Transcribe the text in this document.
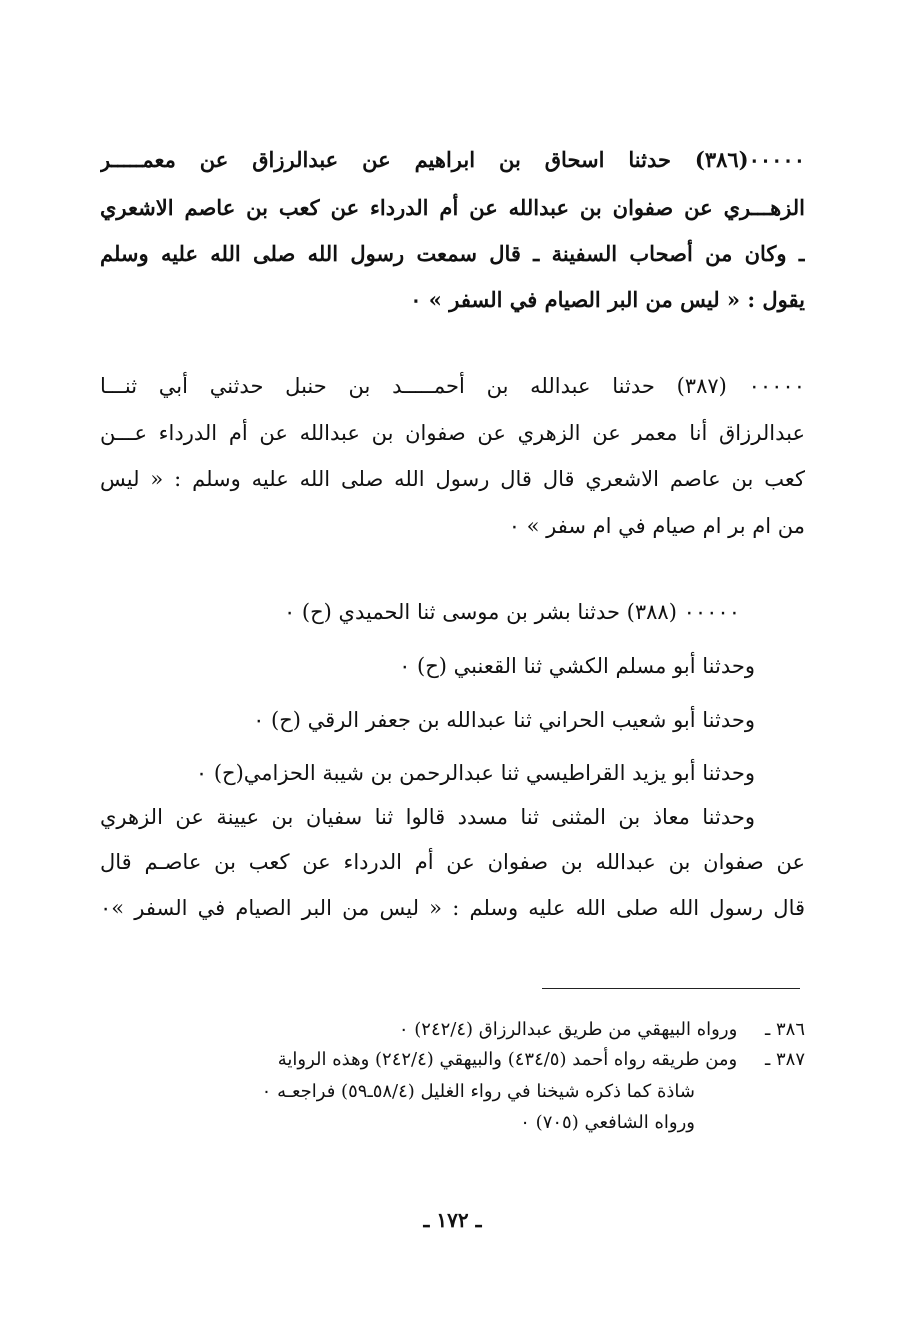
٠٠٠٠٠(٣٨٦) حدثنا اسحاق بن ابراهيم عن عبدالرزاق عن معمـــــر
الزهـــري عن صفوان بن عبدالله عن أم الدرداء عن كعب بن عاصم الاشعري
ـ وكان من أصحاب السفينة ـ قال سمعت رسول الله صلى الله عليه وسلم
يقول : « ليس من البر الصيام في السفر » ٠
٠٠٠٠٠ (٣٨٧) حدثنا عبدالله بن أحمـــــد بن حنبل حدثني أبي ثنـــا
عبدالرزاق أنا معمر عن الزهري عن صفوان بن عبدالله عن أم الدرداء عـــن
كعب بن عاصم الاشعري قال قال رسول الله صلى الله عليه وسلم : « ليس
من ام بر ام صيام في ام سفر » ٠
٠٠٠٠٠ (٣٨٨) حدثنا بشر بن موسى ثنا الحميدي (ح) ٠
وحدثنا أبو مسلم الكشي ثنا القعنبي (ح) ٠
وحدثنا أبو شعيب الحراني ثنا عبدالله بن جعفر الرقي (ح) ٠
وحدثنا أبو يزيد القراطيسي ثنا عبدالرحمن بن شيبة الحزامي(ح) ٠
وحدثنا معاذ بن المثنى ثنا مسدد قالوا ثنا سفيان بن عيينة عن الزهري
عن صفوان بن عبدالله بن صفوان عن أم الدرداء عن كعب بن عاصـم قال
قال رسول الله صلى الله عليه وسلم : « ليس من البر الصيام في السفر »٠
٣٨٦ ـ ورواه البيهقي من طريق عبدالرزاق (٢٤٢/٤) ٠
٣٨٧ ـ ومن طريقه رواه أحمد (٤٣٤/٥) والبيهقي (٢٤٢/٤) وهذه الرواية
شاذة كما ذكره شيخنا في رواء الغليل (٥٨/٤ـ٥٩) فراجعـه ٠
ورواه الشافعي (٧٠٥) ٠
ـ ١٧٢ ـ
